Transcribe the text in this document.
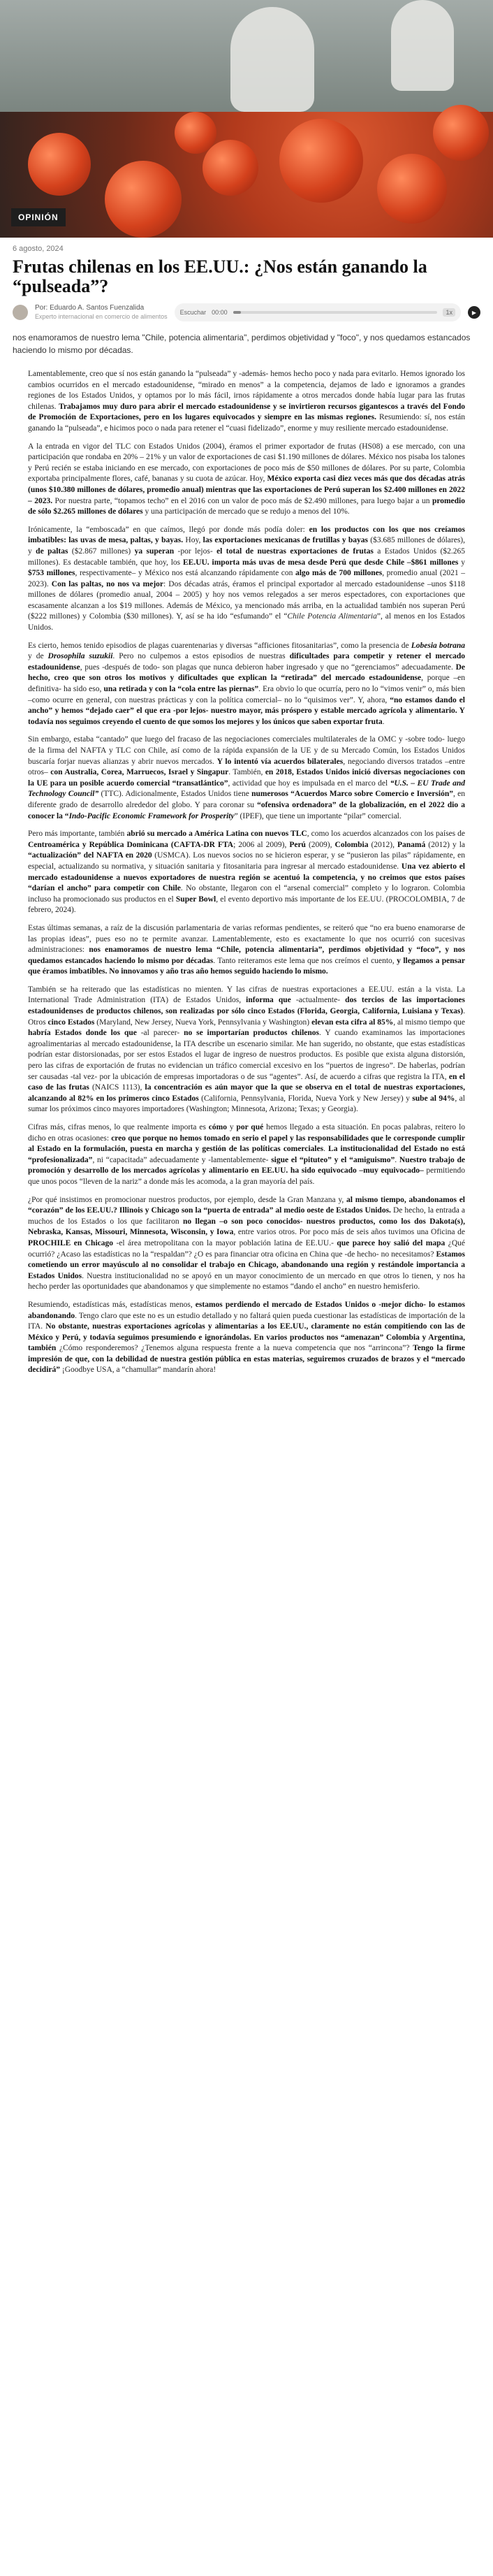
OPINIÓN
6 agosto, 2024
Frutas chilenas en los EE.UU.: ¿Nos están ganando la “pulseada”?
Por: Eduardo A. Santos Fuenzalida
Experto internacional en comercio de alimentos
Escuchar 00:00	1x	▶
nos enamoramos de nuestro lema "Chile, potencia alimentaria", perdimos objetividad y "foco", y nos quedamos estancados haciendo lo mismo por décadas.

Lamentablemente, creo que sí nos están ganando la “pulseada” y -además- hemos hecho poco y nada para evitarlo. Hemos ignorado los cambios ocurridos en el mercado estadounidense, “mirado en menos” a la competencia, dejamos de lado e ignoramos a grandes regiones de los Estados Unidos, y optamos por lo más fácil, irnos rápidamente a otros mercados donde había lugar para las frutas chilenas. Trabajamos muy duro para abrir el mercado estadounidense y se invirtieron recursos gigantescos a través del Fondo de Promoción de Exportaciones, pero en los lugares equivocados y siempre en las mismas regiones. Resumiendo: sí, nos están ganando la “pulseada”, e hicimos poco o nada para retener el “cuasi fidelizado”, enorme y muy resiliente mercado estadounidense.

A la entrada en vigor del TLC con Estados Unidos (2004), éramos el primer exportador de frutas (HS08) a ese mercado, con una participación que rondaba en 20% – 21% y un valor de exportaciones de casi $1.190 millones de dólares. México nos pisaba los talones y Perú recién se estaba iniciando en ese mercado, con exportaciones de poco más de $50 millones de dólares. Por su parte, Colombia exportaba principalmente flores, café, bananas y su cuota de azúcar. Hoy, México exporta casi diez veces más que dos décadas atrás (unos $10.380 millones de dólares, promedio anual) mientras que las exportaciones de Perú superan los $2.400 millones en 2022 – 2023. Por nuestra parte, “topamos techo” en el 2016 con un valor de poco más de $2.490 millones, para luego bajar a un promedio de sólo $2.265 millones de dólares y una participación de mercado que se redujo a menos del 10%.

Irónicamente, la “emboscada” en que caímos, llegó por donde más podía doler: en los productos con los que nos creíamos imbatibles: las uvas de mesa, paltas, y bayas. Hoy, las exportaciones mexicanas de frutillas y bayas ($3.685 millones de dólares), y de paltas ($2.867 millones) ya superan -por lejos- el total de nuestras exportaciones de frutas a Estados Unidos ($2.265 millones). Es destacable también, que hoy, los EE.UU. importa más uvas de mesa desde Perú que desde Chile –$861 millones y $753 millones, respectivamente– y México nos está alcanzando rápidamente con algo más de 700 millones, promedio anual (2021 – 2023). Con las paltas, no nos va mejor: Dos décadas atrás, éramos el principal exportador al mercado estadounidense –unos $118 millones de dólares (promedio anual, 2004 – 2005) y hoy nos vemos relegados a ser meros espectadores, con exportaciones que escasamente alcanzan a los $19 millones. Además de México, ya mencionado más arriba, en la actualidad también nos superan Perú ($222 millones) y Colombia ($30 millones). Y, así se ha ido “esfumando” el “Chile Potencia Alimentaria”, al menos en los Estados Unidos.

Es cierto, hemos tenido episodios de plagas cuarentenarias y diversas “afficiones fitosanitarias”, como la presencia de Lobesia botrana y de Drosophila suzukii. Pero no culpemos a estos episodios de nuestras dificultades para competir y retener el mercado estadounidense, pues -después de todo- son plagas que nunca debieron haber ingresado y que no “gerenciamos” adecuadamente. De hecho, creo que son otros los motivos y dificultades que explican la “retirada” del mercado estadounidense, porque –en definitiva- ha sido eso, una retirada y con la “cola entre las piernas”. Era obvio lo que ocurría, pero no lo “vimos venir” o, más bien –como ocurre en general, con nuestras prácticas y con la política comercial– no lo “quisimos ver”. Y, ahora, “no estamos dando el ancho” y hemos “dejado caer” el que era -por lejos- nuestro mayor, más próspero y estable mercado agrícola y alimentario. Y todavía nos seguimos creyendo el cuento de que somos los mejores y los únicos que saben exportar fruta.

Sin embargo, estaba “cantado” que luego del fracaso de las negociaciones comerciales multilaterales de la OMC y -sobre todo- luego de la firma del NAFTA y TLC con Chile, así como de la rápida expansión de la UE y de su Mercado Común, los Estados Unidos buscaría forjar nuevas alianzas y abrir nuevos mercados. Y lo intentó vía acuerdos bilaterales, negociando diversos tratados –entre otros– con Australia, Corea, Marruecos, Israel y Singapur. También, en 2018, Estados Unidos inició diversas negociaciones con la UE para un posible acuerdo comercial “transatlántico”, actividad que hoy es impulsada en el marco del “U.S. – EU Trade and Technology Council” (TTC). Adicionalmente, Estados Unidos tiene numerosos “Acuerdos Marco sobre Comercio e Inversión”, en diferente grado de desarrollo alrededor del globo. Y para coronar su “ofensiva ordenadora” de la globalización, en el 2022 dio a conocer la “Indo-Pacific Economic Framework for Prosperity” (IPEF), que tiene un importante “pilar” comercial.

Pero más importante, también abrió su mercado a América Latina con nuevos TLC, como los acuerdos alcanzados con los países de Centroamérica y República Dominicana (CAFTA-DR FTA; 2006 al 2009), Perú (2009), Colombia (2012), Panamá (2012) y la “actualización” del NAFTA en 2020 (USMCA). Los nuevos socios no se hicieron esperar, y se “pusieron las pilas” rápidamente, en especial, actualizando su normativa, y situación sanitaria y fitosanitaria para ingresar al mercado estadounidense. Una vez abierto el mercado estadounidense a nuevos exportadores de nuestra región se acentuó la competencia, y no creimos que estos países “darían el ancho” para competir con Chile. No obstante, llegaron con el “arsenal comercial” completo y lo lograron. Colombia incluso ha promocionado sus productos en el Super Bowl, el evento deportivo más importante de los EE.UU. (PROCOLOMBIA, 7 de febrero, 2024).

Estas últimas semanas, a raíz de la discusión parlamentaria de varias reformas pendientes, se reiteró que “no era bueno enamorarse de las propias ideas”, pues eso no te permite avanzar. Lamentablemente, esto es exactamente lo que nos ocurrió con sucesivas administraciones: nos enamoramos de nuestro lema “Chile, potencia alimentaria”, perdimos objetividad y “foco”, y nos quedamos estancados haciendo lo mismo por décadas. Tanto reiteramos este lema que nos creímos el cuento, y llegamos a pensar que éramos imbatibles. No innovamos y año tras año hemos seguido haciendo lo mismo.

También se ha reiterado que las estadísticas no mienten. Y las cifras de nuestras exportaciones a EE.UU. están a la vista. La International Trade Administration (ITA) de Estados Unidos, informa que -actualmente- dos tercios de las importaciones estadounidenses de productos chilenos, son realizadas por sólo cinco Estados (Florida, Georgia, California, Luisiana y Texas). Otros cinco Estados (Maryland, New Jersey, Nueva York, Pennsylvania y Washington) elevan esta cifra al 85%, al mismo tiempo que habría Estados donde los que -al parecer- no se importarían productos chilenos. Y cuando examinamos las importaciones agroalimentarias al mercado estadounidense, la ITA describe un escenario similar. Me han sugerido, no obstante, que estas estadísticas podrían estar distorsionadas, por ser estos Estados el lugar de ingreso de nuestros productos. Es posible que exista alguna distorsión, pero las cifras de exportación de frutas no evidencian un tráfico comercial excesivo en los “puertos de ingreso”. De haberlas, podrían ser causadas -tal vez- por la ubicación de empresas importadoras o de sus “agentes”. Así, de acuerdo a cifras que registra la ITA, en el caso de las frutas (NAICS 1113), la concentración es aún mayor que la que se observa en el total de nuestras exportaciones, alcanzando al 82% en los primeros cinco Estados (California, Pennsylvania, Florida, Nueva York y New Jersey) y sube al 94%, al sumar los próximos cinco mayores importadores (Washington; Minnesota, Arizona; Texas; y Georgia).

Cifras más, cifras menos, lo que realmente importa es cómo y por qué hemos llegado a esta situación. En pocas palabras, reitero lo dicho en otras ocasiones: creo que porque no hemos tomado en serio el papel y las responsabilidades que le corresponde cumplir al Estado en la formulación, puesta en marcha y gestión de las políticas comerciales. La institucionalidad del Estado no está “profesionalizada”, ni “capacitada” adecuadamente y -lamentablemente- sigue el “pituteo” y el “amiguismo”. Nuestro trabajo de promoción y desarrollo de los mercados agrícolas y alimentario en EE.UU. ha sido equivocado –muy equivocado– permitiendo que unos pocos “lleven de la nariz” a donde más les acomoda, a la gran mayoría del país.

¿Por qué insistimos en promocionar nuestros productos, por ejemplo, desde la Gran Manzana y, al mismo tiempo, abandonamos el “corazón” de los EE.UU.? Illinois y Chicago son la “puerta de entrada” al medio oeste de Estados Unidos. De hecho, la entrada a muchos de los Estados o los que facilitaron no llegan –o son poco conocidos- nuestros productos, como los dos Dakota(s), Nebraska, Kansas, Missouri, Minnesota, Wisconsin, y Iowa, entre varios otros. Por poco más de seis años tuvimos una Oficina de PROCHILE en Chicago -el área metropolitana con la mayor población latina de EE.UU.- que parece hoy salió del mapa ¿Qué ocurrió? ¿Acaso las estadísticas no la “respaldan”? ¿O es para financiar otra oficina en China que -de hecho- no necesitamos? Estamos cometiendo un error mayúsculo al no consolidar el trabajo en Chicago, abandonando una región y restándole importancia a Estados Unidos. Nuestra institucionalidad no se apoyó en un mayor conocimiento de un mercado en que otros lo tienen, y nos ha hecho perder las oportunidades que abandonamos y que simplemente no estamos “dando el ancho” en nuestro hemisferio.

Resumiendo, estadísticas más, estadísticas menos, estamos perdiendo el mercado de Estados Unidos o -mejor dicho- lo estamos abandonando. Tengo claro que este no es un estudio detallado y no faltará quien pueda cuestionar las estadísticas de importación de la ITA. No obstante, nuestras exportaciones agrícolas y alimentarias a los EE.UU., claramente no están compitiendo con las de México y Perú, y todavía seguimos presumiendo e ignorándolas. En varios productos nos “amenazan” Colombia y Argentina, también ¿Cómo responderemos? ¿Tenemos alguna respuesta frente a la nueva competencia que nos “arrincona”? Tengo la firme impresión de que, con la debilidad de nuestra gestión pública en estas materias, seguiremos cruzados de brazos y el “mercado decidirá” ¡Goodbye USA, a “chamullar” mandarín ahora!
